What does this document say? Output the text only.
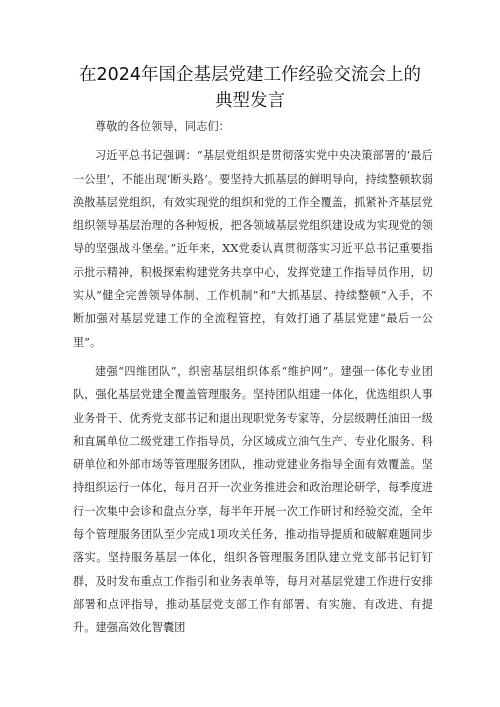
在2024年国企基层党建工作经验交流会上的
典型发言

尊敬的各位领导，同志们：

习近平总书记强调：“基层党组织是贯彻落实党中央决策部署的‘最后一公里’，不能出现‘断头路’。要坚持大抓基层的鲜明导向，持续整顿软弱涣散基层党组织，有效实现党的组织和党的工作全覆盖，抓紧补齐基层党组织领导基层治理的各种短板，把各领域基层党组织建设成为实现党的领导的坚强战斗堡垒。”近年来，XX党委认真贯彻落实习近平总书记重要指示批示精神，积极探索构建党务共享中心，发挥党建工作指导员作用，切实从“健全完善领导体制、工作机制”和“大抓基层、持续整顿”入手，不断加强对基层党建工作的全流程管控，有效打通了基层党建“最后一公里”。

建强“四维团队”，织密基层组织体系“维护网”。建强一体化专业团队，强化基层党建全覆盖管理服务。坚持团队组建一体化，优选组织人事业务骨干、优秀党支部书记和退出现职党务专家等，分层级聘任油田一级和直属单位二级党建工作指导员，分区域成立油气生产、专业化服务、科研单位和外部市场等管理服务团队，推动党建业务指导全面有效覆盖。坚持组织运行一体化，每月召开一次业务推进会和政治理论研学，每季度进行一次集中会诊和盘点分享，每半年开展一次工作研讨和经验交流，全年每个管理服务团队至少完成1项攻关任务，推动指导提质和破解难题同步落实。坚持服务基层一体化，组织各管理服务团队建立党支部书记钉钉群，及时发布重点工作指引和业务表单等，每月对基层党建工作进行安排部署和点评指导，推动基层党支部工作有部署、有实施、有改进、有提升。建强高效化智囊团
